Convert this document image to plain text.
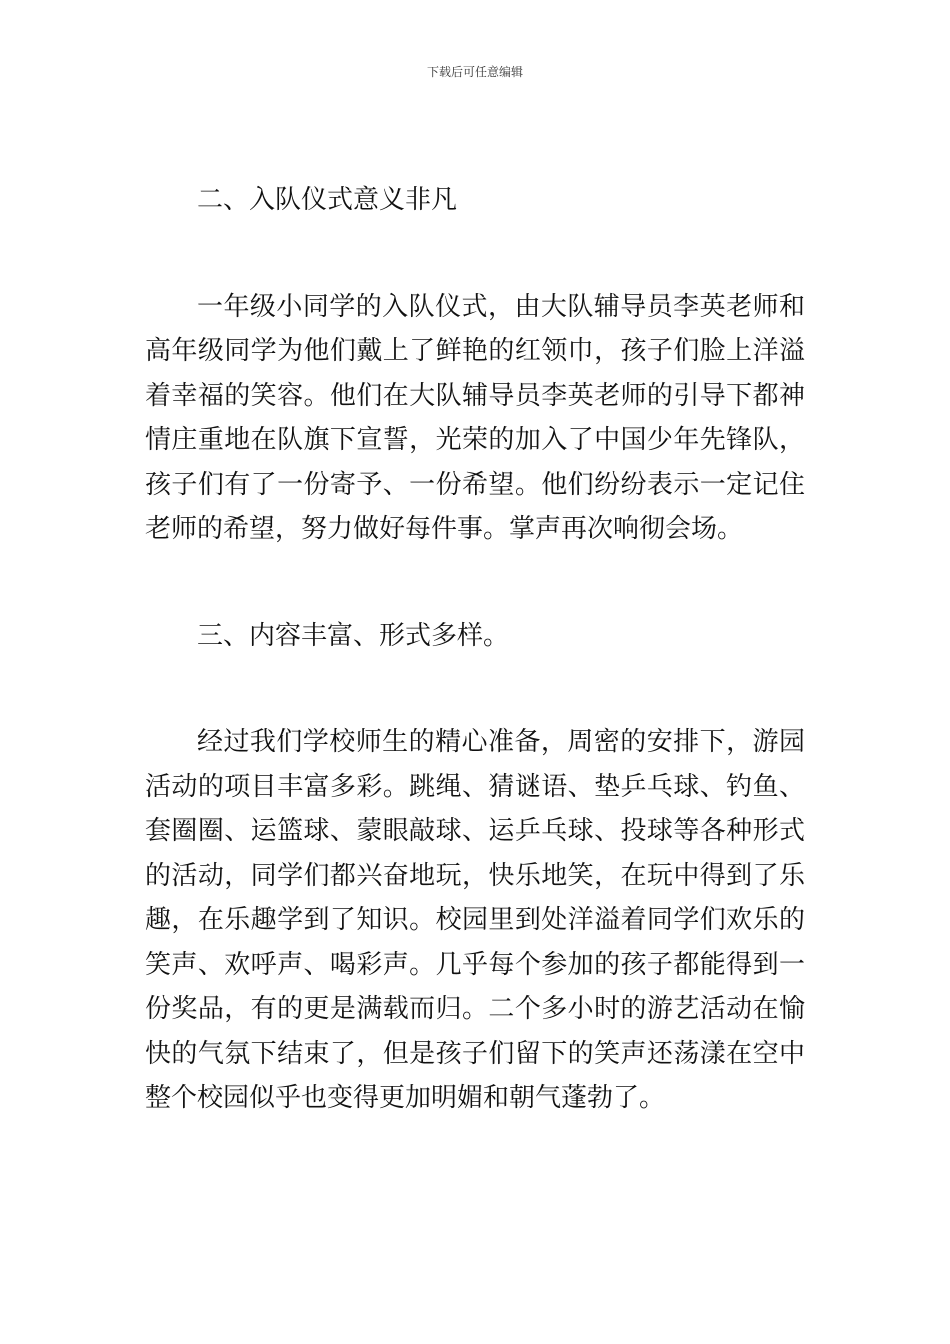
下载后可任意编辑

二、入队仪式意义非凡

一年级小同学的入队仪式，由大队辅导员李英老师和高年级同学为他们戴上了鲜艳的红领巾，孩子们脸上洋溢着幸福的笑容。他们在大队辅导员李英老师的引导下都神情庄重地在队旗下宣誓，光荣的加入了中国少年先锋队，孩子们有了一份寄予、一份希望。他们纷纷表示一定记住老师的希望，努力做好每件事。掌声再次响彻会场。

三、内容丰富、形式多样。

经过我们学校师生的精心准备，周密的安排下，游园活动的项目丰富多彩。跳绳、猜谜语、垫乒乓球、钓鱼、套圈圈、运篮球、蒙眼敲球、运乒乓球、投球等各种形式的活动，同学们都兴奋地玩，快乐地笑，在玩中得到了乐趣，在乐趣学到了知识。校园里到处洋溢着同学们欢乐的笑声、欢呼声、喝彩声。几乎每个参加的孩子都能得到一份奖品，有的更是满载而归。二个多小时的游艺活动在愉快的气氛下结束了，但是孩子们留下的笑声还荡漾在空中整个校园似乎也变得更加明媚和朝气蓬勃了。
